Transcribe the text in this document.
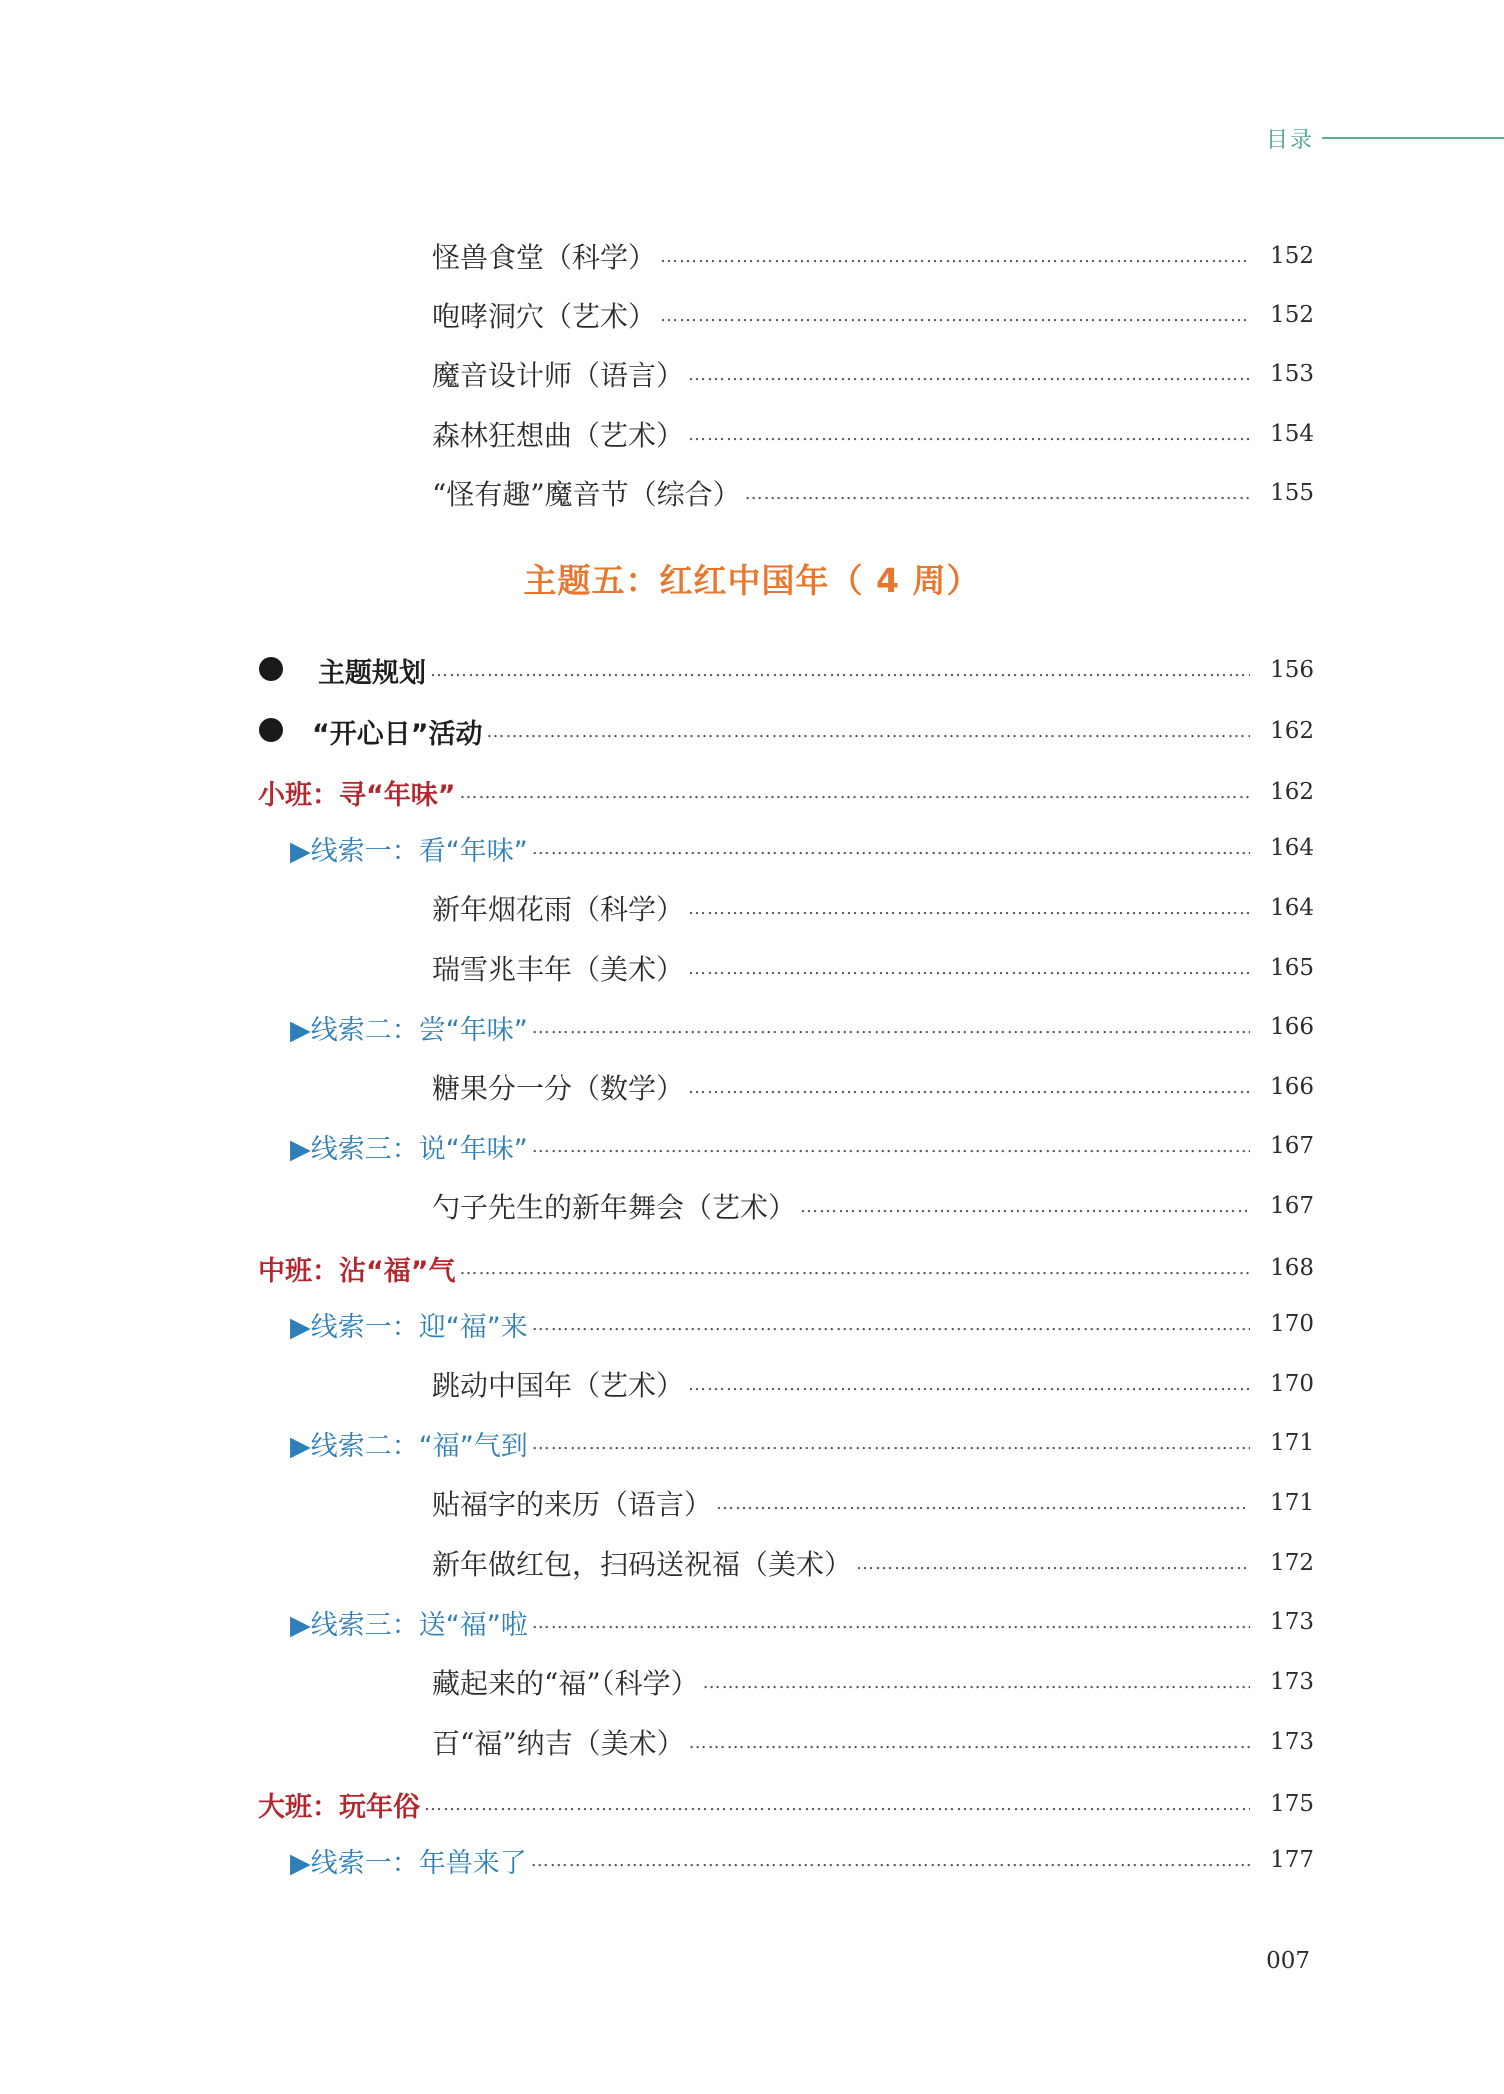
目录
怪兽食堂（科学） ………………………………………………………………………………………………………………………………………………………………………………………………	152
咆哮洞穴（艺术） ………………………………………………………………………………………………………………………………………………………………………………………………	152
魔音设计师（语言） ………………………………………………………………………………………………………………………………………………………………………………………………	153
森林狂想曲（艺术） ………………………………………………………………………………………………………………………………………………………………………………………………	154
“怪有趣”魔音节（综合） ………………………………………………………………………………………………………………………………………………………………………………………………	155
主题五：红红中国年（ 4 周）
主题规划 ………………………………………………………………………………………………………………………………………………………………………………………………	156
“开心日”活动 ………………………………………………………………………………………………………………………………………………………………………………………………	162
小班：寻“年味” ………………………………………………………………………………………………………………………………………………………………………………………………	162
▶线索一：看“年味” ………………………………………………………………………………………………………………………………………………………………………………………………	164
新年烟花雨（科学） ………………………………………………………………………………………………………………………………………………………………………………………………	164
瑞雪兆丰年（美术） ………………………………………………………………………………………………………………………………………………………………………………………………	165
▶线索二：尝“年味” ………………………………………………………………………………………………………………………………………………………………………………………………	166
糖果分一分（数学） ………………………………………………………………………………………………………………………………………………………………………………………………	166
▶线索三：说“年味” ………………………………………………………………………………………………………………………………………………………………………………………………	167
勺子先生的新年舞会（艺术） ………………………………………………………………………………………………………………………………………………………………………………………………	167
中班：沾“福”气 ………………………………………………………………………………………………………………………………………………………………………………………………	168
▶线索一：迎“福”来 ………………………………………………………………………………………………………………………………………………………………………………………………	170
跳动中国年（艺术） ………………………………………………………………………………………………………………………………………………………………………………………………	170
▶线索二：“福”气到 ………………………………………………………………………………………………………………………………………………………………………………………………	171
贴福字的来历（语言） ………………………………………………………………………………………………………………………………………………………………………………………………	171
新年做红包，扫码送祝福（美术） ………………………………………………………………………………………………………………………………………………………………………………………………	172
▶线索三：送“福”啦 ………………………………………………………………………………………………………………………………………………………………………………………………	173
藏起来的“福”（科学） ………………………………………………………………………………………………………………………………………………………………………………………………	173
百“福”纳吉（美术） ………………………………………………………………………………………………………………………………………………………………………………………………	173
大班：玩年俗 ………………………………………………………………………………………………………………………………………………………………………………………………	175
▶线索一：年兽来了 ………………………………………………………………………………………………………………………………………………………………………………………………	177
007
